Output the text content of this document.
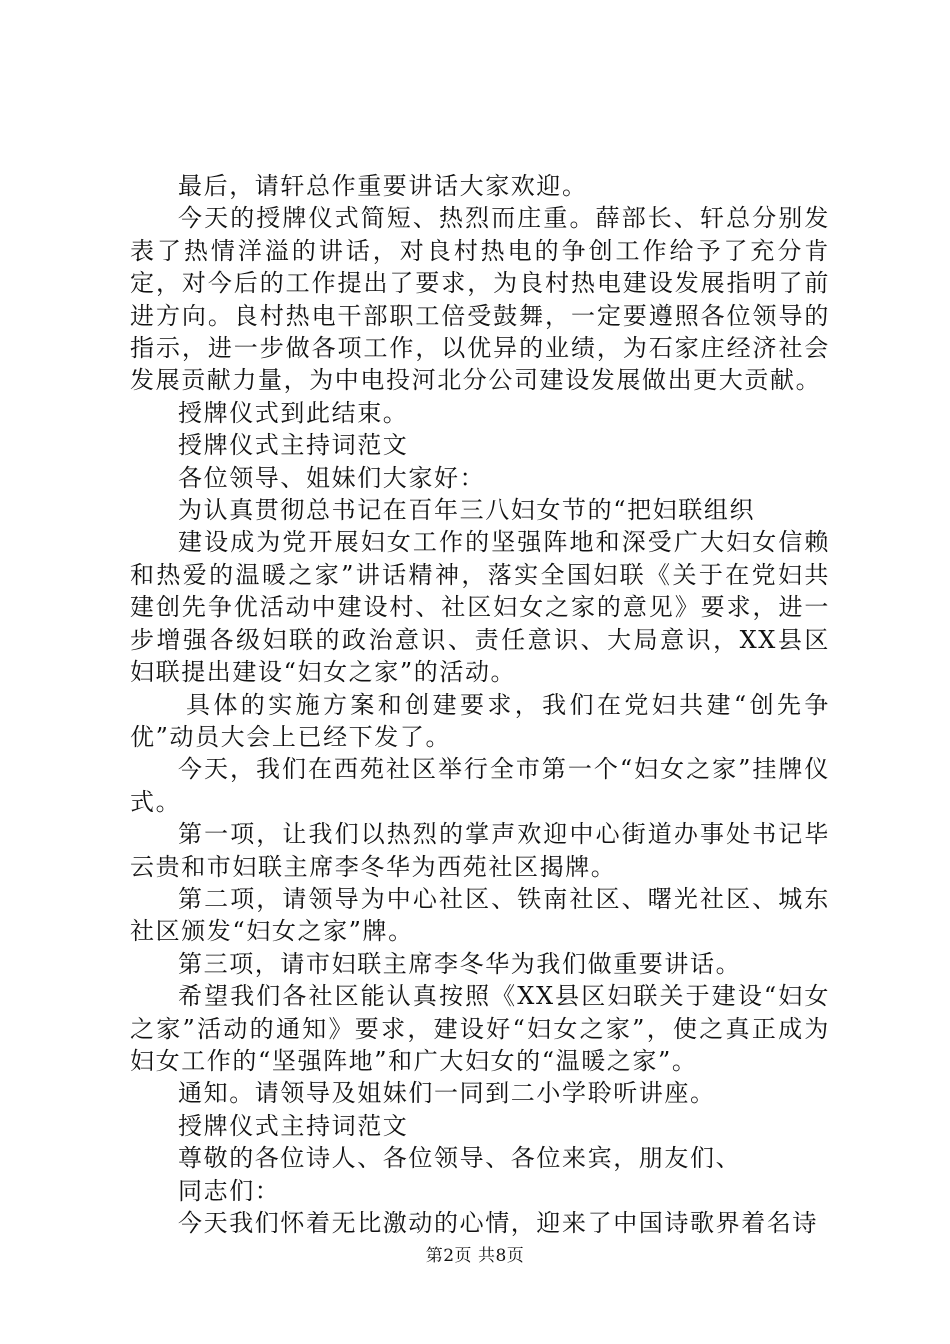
最后，请轩总作重要讲话大家欢迎。

今天的授牌仪式简短、热烈而庄重。薛部长、轩总分别发表了热情洋溢的讲话，对良村热电的争创工作给予了充分肯定，对今后的工作提出了要求，为良村热电建设发展指明了前进方向。良村热电干部职工倍受鼓舞，一定要遵照各位领导的指示，进一步做各项工作，以优异的业绩，为石家庄经济社会发展贡献力量，为中电投河北分公司建设发展做出更大贡献。

授牌仪式到此结束。

授牌仪式主持词范文

各位领导、姐妹们大家好：

为认真贯彻总书记在百年三八妇女节的“把妇联组织

建设成为党开展妇女工作的坚强阵地和深受广大妇女信赖和热爱的温暖之家”讲话精神，落实全国妇联《关于在党妇共建创先争优活动中建设村、社区妇女之家的意见》要求，进一步增强各级妇联的政治意识、责任意识、大局意识，XX县区妇联提出建设“妇女之家”的活动。

具体的实施方案和创建要求，我们在党妇共建“创先争优”动员大会上已经下发了。

今天，我们在西苑社区举行全市第一个“妇女之家”挂牌仪式。

第一项，让我们以热烈的掌声欢迎中心街道办事处书记毕云贵和市妇联主席李冬华为西苑社区揭牌。

第二项，请领导为中心社区、铁南社区、曙光社区、城东社区颁发“妇女之家”牌。

第三项，请市妇联主席李冬华为我们做重要讲话。

希望我们各社区能认真按照《XX县区妇联关于建设“妇女之家”活动的通知》要求，建设好“妇女之家”，使之真正成为妇女工作的“坚强阵地”和广大妇女的“温暖之家”。

通知。请领导及姐妹们一同到二小学聆听讲座。

授牌仪式主持词范文

尊敬的各位诗人、各位领导、各位来宾，朋友们、

同志们：

今天我们怀着无比激动的心情，迎来了中国诗歌界着名诗

第2页 共8页
